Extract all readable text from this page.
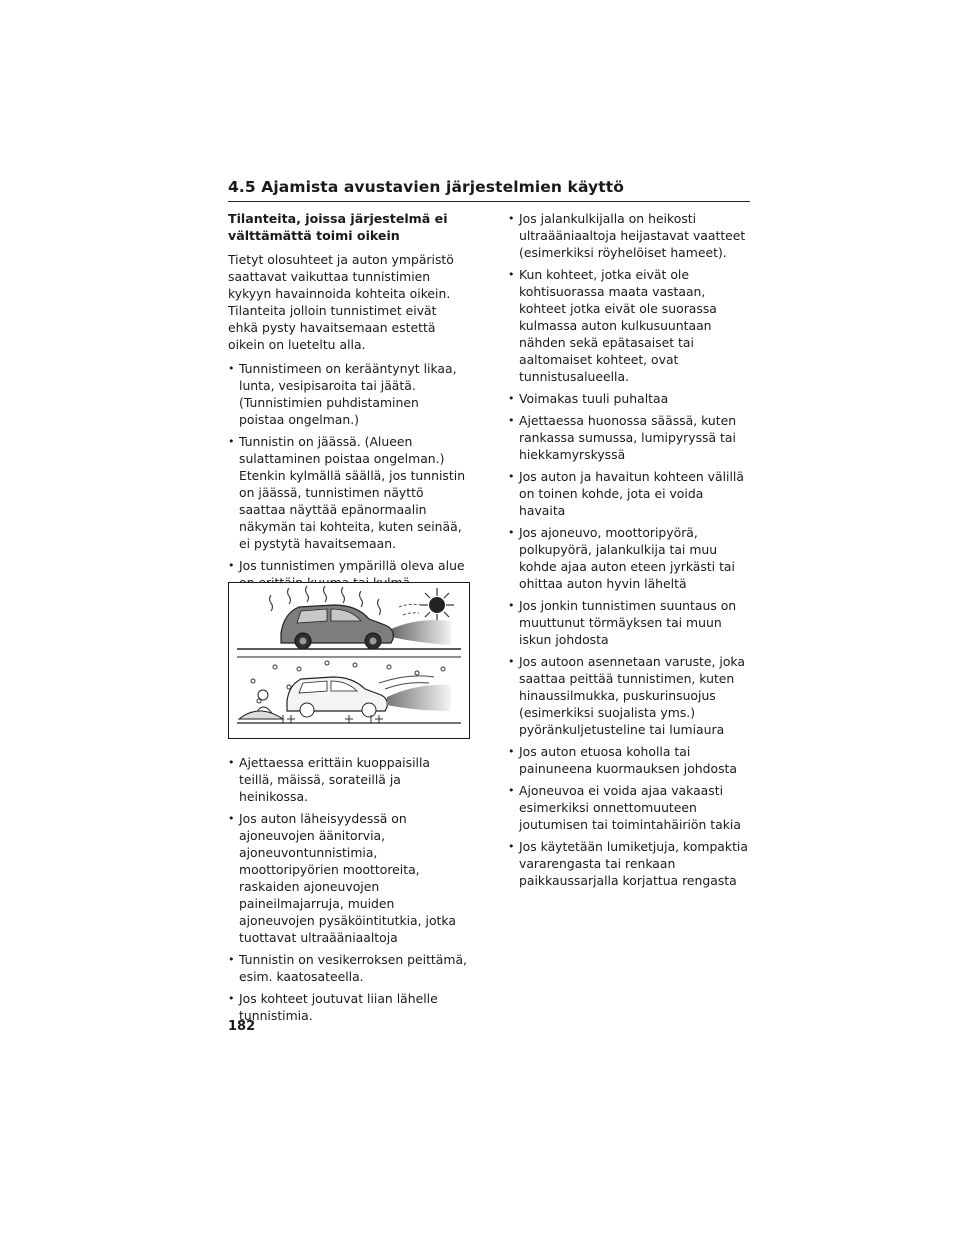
4.5 Ajamista avustavien järjestelmien käyttö
Tilanteita, joissa järjestelmä ei välttämättä toimi oikein
Tietyt olosuhteet ja auton ympäristö saattavat vaikuttaa tunnistimien kykyyn havainnoida kohteita oikein. Tilanteita jolloin tunnistimet eivät ehkä pysty havaitsemaan estettä oikein on lueteltu alla.
• Tunnistimeen on kerääntynyt likaa, lunta, vesipisaroita tai jäätä. (Tunnistimien puhdistaminen poistaa ongelman.)
• Tunnistin on jäässä. (Alueen sulattaminen poistaa ongelman.) Etenkin kylmällä säällä, jos tunnistin on jäässä, tunnistimen näyttö saattaa näyttää epänormaalin näkymän tai kohteita, kuten seinää, ei pystytä havaitsemaan.
• Jos tunnistimen ympärillä oleva alue
• Ajettaessa erittäin kuoppaisilla teillä, mäissä, sorateillä ja heinikossa.
• Jos auton läheisyydessä on ajoneuvojen äänitorvia, ajoneuvontunnistimia, moottoripyörien moottoreita, raskaiden ajoneuvojen paineilmajarruja, muiden ajoneuvojen pysäköintitutkia, jotka tuottavat ultraääniaaltoja
• Tunnistin on vesikerroksen peittämä, esim. kaatosateella.
• Jos kohteet joutuvat liian lähelle tunnistimia.
• Jos jalankulkijalla on heikosti ultraääniaaltoja heijastavat vaatteet (esimerkiksi röyhelöiset hameet).
• Kun kohteet, jotka eivät ole kohtisuorassa maata vastaan, kohteet jotka eivät ole suorassa kulmassa auton kulkusuuntaan nähden sekä epätasaiset tai aaltomaiset kohteet, ovat tunnistusalueella.
• Voimakas tuuli puhaltaa
• Ajettaessa huonossa säässä, kuten rankassa sumussa, lumipyryssä tai hiekkamyrskyssä
• Jos auton ja havaitun kohteen välillä on toinen kohde, jota ei voida havaita
• Jos ajoneuvo, moottoripyörä, polkupyörä, jalankulkija tai muu kohde ajaa auton eteen jyrkästi tai ohittaa auton hyvin läheltä
• Jos jonkin tunnistimen suuntaus on muuttunut törmäyksen tai muun iskun johdosta
• Jos autoon asennetaan varuste, joka saattaa peittää tunnistimen, kuten hinaussilmukka, puskurinsuojus (esimerkiksi suojalista yms.) pyöränkuljetusteline tai lumiaura
• Jos auton etuosa koholla tai painuneena kuormauksen johdosta
• Ajoneuvoa ei voida ajaa vakaasti esimerkiksi onnettomuuteen joutumisen tai toimintahäiriön takia
• Jos käytetään lumiketjuja, kompaktia vararengasta tai renkaan paikkaussarjalla korjattua rengasta
182
